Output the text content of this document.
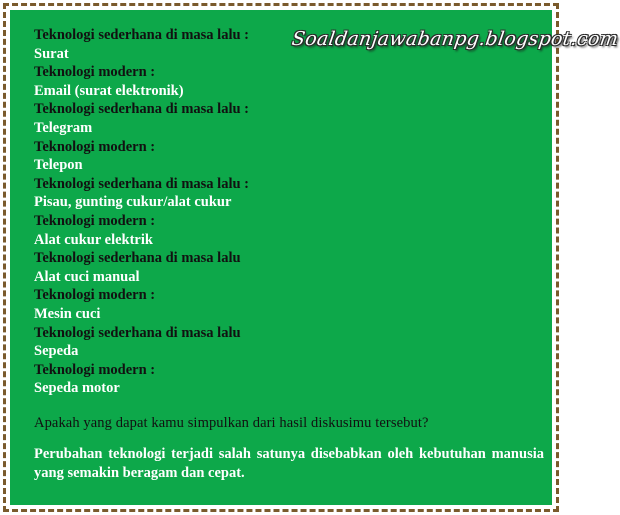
Teknologi sederhana di masa lalu :
Surat
Teknologi modern :
Email (surat elektronik)
Teknologi sederhana di masa lalu :
Telegram
Teknologi modern :
Telepon
Teknologi sederhana di masa lalu :
Pisau, gunting cukur/alat cukur
Teknologi modern :
Alat cukur elektrik
Teknologi sederhana di masa lalu
Alat cuci manual
Teknologi modern :
Mesin cuci
Teknologi sederhana di masa lalu
Sepeda
Teknologi modern :
Sepeda motor
Apakah yang dapat kamu simpulkan dari hasil diskusimu tersebut?
Perubahan teknologi terjadi salah satunya disebabkan oleh kebutuhan manusia yang semakin beragam dan cepat.
Soaldanjawabanpg.blogspot.com
